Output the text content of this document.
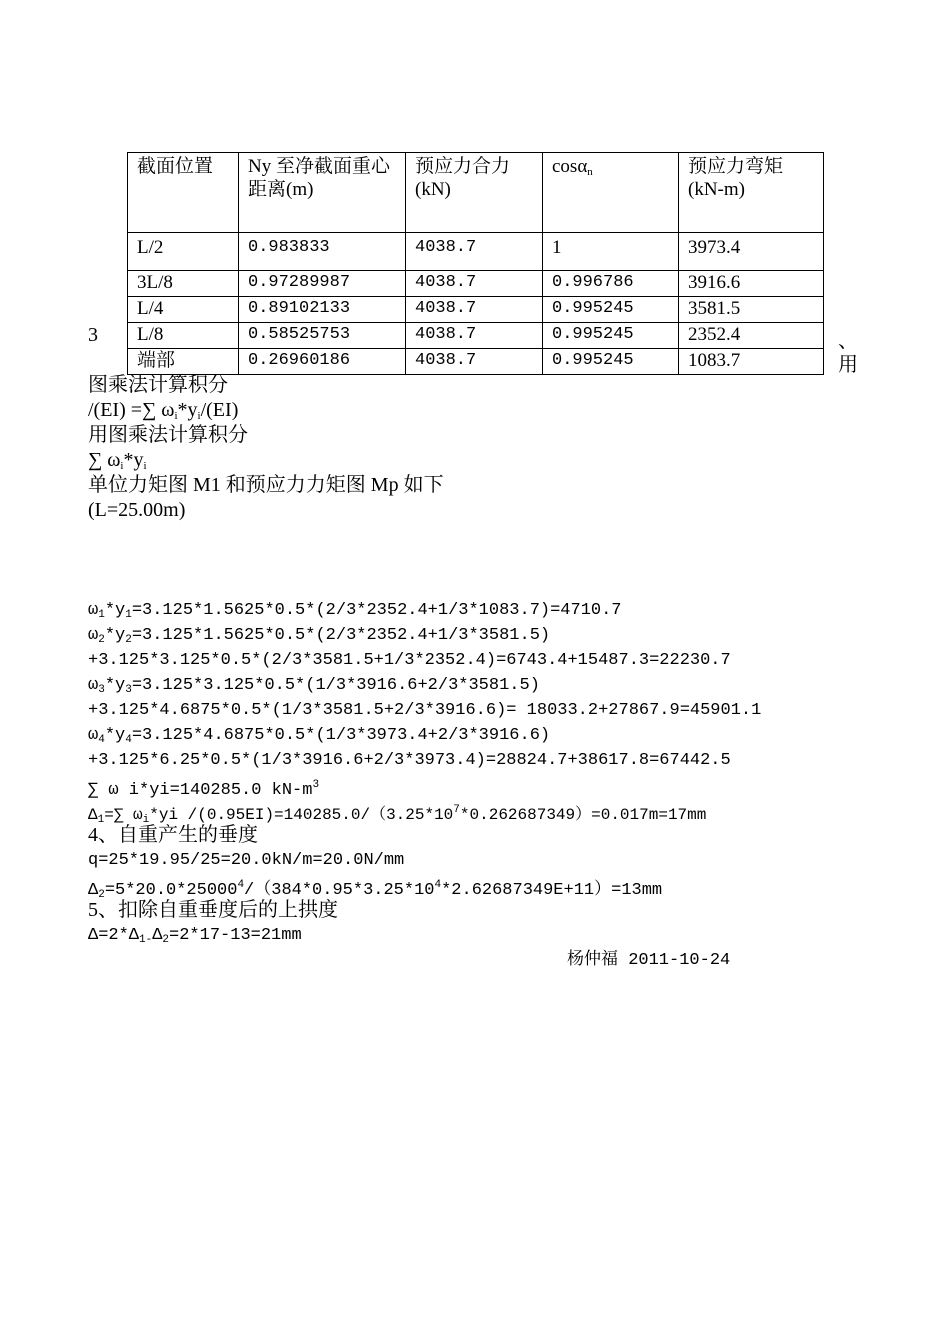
截面位置	Ny 至净截面重心距离(m)	预应力合力(kN)	cosα$_n$	预应力弯矩(kN-m)
L/2	0.983833	4038.7	1	3973.4
3L/8	0.97289987	4038.7	0.996786	3916.6
L/4	0.89102133	4038.7	0.995245	3581.5
L/8	0.58525753	4038.7	0.995245	2352.4
端部	0.26960186	4038.7	0.995245	1083.7
3	、
用
图乘法计算积分
/(EI) =∑ $\omega_i*y_i/(EI)$
用图乘法计算积分
∑ $\omega_i*y_i$
单位力矩图 M1 和预应力力矩图 Mp 如下
(L=25.00m)
$\omega_1*y_1=3.125*1.5625*0.5*(2/3*2352.4+1/3*1083.7)=4710.7$
$\omega_2*y_2=3.125*1.5625*0.5*(2/3*2352.4+1/3*3581.5)$
+3.125*3.125*0.5*(2/3*3581.5+1/3*2352.4)=6743.4+15487.3=22230.7
$\omega_3*y_3=3.125*3.125*0.5*(1/3*3916.6+2/3*3581.5)$
+3.125*4.6875*0.5*(1/3*3581.5+2/3*3916.6)= 18033.2+27867.9=45901.1
$\omega_4*y_4=3.125*4.6875*0.5*(1/3*3973.4+2/3*3916.6)$
+3.125*6.25*0.5*(1/3*3916.6+2/3*3973.4)=28824.7+38617.8=67442.5
∑ ω i*yi=140285.0 $kN-m^3$
$\Delta_1=\sum$ $\omega_i*yi$ $/(0.95EI)=140285.0/(3.25*10^7*0.262687349)=0.017m=17mm$
4、自重产生的垂度
q=25*19.95/25=20.0kN/m=20.0N/mm
$\Delta_2=5*20.0*25000^4/(384*0.95*3.25*10^4*2.62687349E+11)=13mm$
5、扣除自重垂度后的上拱度
$\Delta=2*\Delta_{1-}\Delta_2=2*17-13=21mm$
杨仲福 2011-10-24
